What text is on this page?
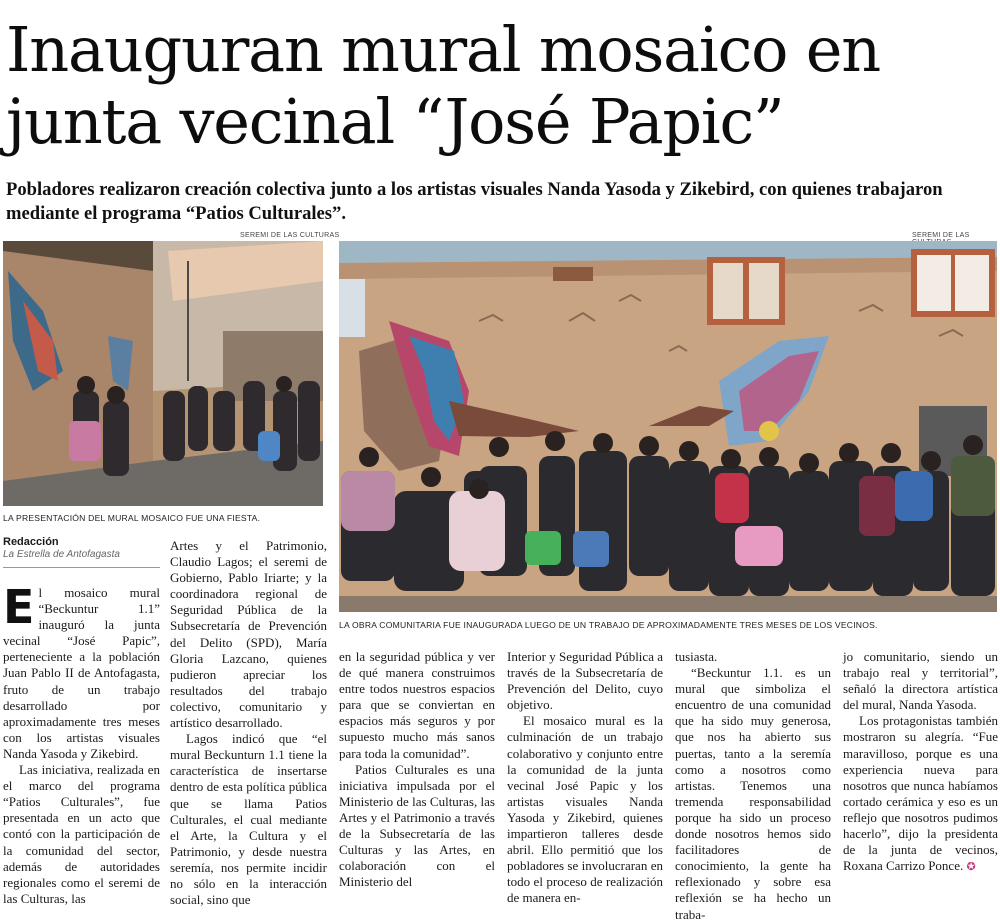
Inauguran mural mosaico en junta vecinal “José Papic”

Pobladores realizaron creación colectiva junto a los artistas visuales Nanda Yasoda y Zikebird, con quienes trabajaron mediante el programa “Patios Culturales”.

SEREMI DE LAS CULTURAS
LA PRESENTACIÓN DEL MURAL MOSAICO FUE UNA FIESTA.
SEREMI DE LAS
LA OBRA COMUNITARIA FUE INAUGURADA LUEGO DE UN TRABAJO DE APROXIMADAMENTE TRES MESES DE LOS VECINOS.
Redacción
La Estrella de Antofagasta

El mosaico mural “Beckuntur 1.1” inauguró la junta vecinal “José Papic”, perteneciente a la población Juan Pablo II de Antofagasta, fruto de un trabajo desarrollado por aproximadamente tres meses con los artistas visuales Nanda Yasoda y Zikebird.

Las iniciativa, realizada en el marco del programa “Patios Culturales”, fue presentada en un acto que contó con la participación de la comunidad del sector, además de autoridades regionales como el seremi de las Culturas, las

Artes y el Patrimonio, Claudio Lagos; el seremi de Gobierno, Pablo Iriarte; y la coordinadora regional de Seguridad Pública de la Subsecretaría de Prevención del Delito (SPD), María Gloria Lazcano, quienes pudieron apreciar los resultados del trabajo colectivo, comunitario y artístico desarrollado.

Lagos indicó que “el mural Beckunturn 1.1 tiene la característica de insertarse dentro de esta política pública que se llama Patios Culturales, el cual mediante el Arte, la Cultura y el Patrimonio, y desde nuestra seremía, nos permite incidir no sólo en la interacción social, sino que

en la seguridad pública y ver de qué manera construimos entre todos nuestros espacios para que se conviertan en espacios más seguros y por supuesto mucho más sanos para toda la comunidad”.

Patios Culturales es una iniciativa impulsada por el Ministerio de las Culturas, las Artes y el Patrimonio a través de la Subsecretaría de las Culturas y las Artes, en colaboración con el Ministerio del

Interior y Seguridad Pública a través de la Subsecretaría de Prevención del Delito, cuyo objetivo.

El mosaico mural es la culminación de un trabajo colaborativo y conjunto entre la comunidad de la junta vecinal José Papic y los artistas visuales Nanda Yasoda y Zikebird, quienes impartieron talleres desde abril. Ello permitió que los pobladores se involucraran en todo el proceso de realización de manera en-

tusiasta.

“Beckuntur 1.1. es un mural que simboliza el encuentro de una comunidad que ha sido muy generosa, que nos ha abierto sus puertas, tanto a la seremía como a nosotros como artistas. Tenemos una tremenda responsabilidad porque ha sido un proceso donde nosotros hemos sido facilitadores de conocimiento, la gente ha reflexionado y sobre esa reflexión se ha hecho un traba-

jo comunitario, siendo un trabajo real y territorial”, señaló la directora artística del mural, Nanda Yasoda.

Los protagonistas también mostraron su alegría. “Fue maravilloso, porque es una experiencia nueva para nosotros que nunca habíamos cortado cerámica y eso es un reflejo que nosotros pudimos hacerlo”, dijo la presidenta de la junta de vecinos, Roxana Carrizo Ponce. ✪
